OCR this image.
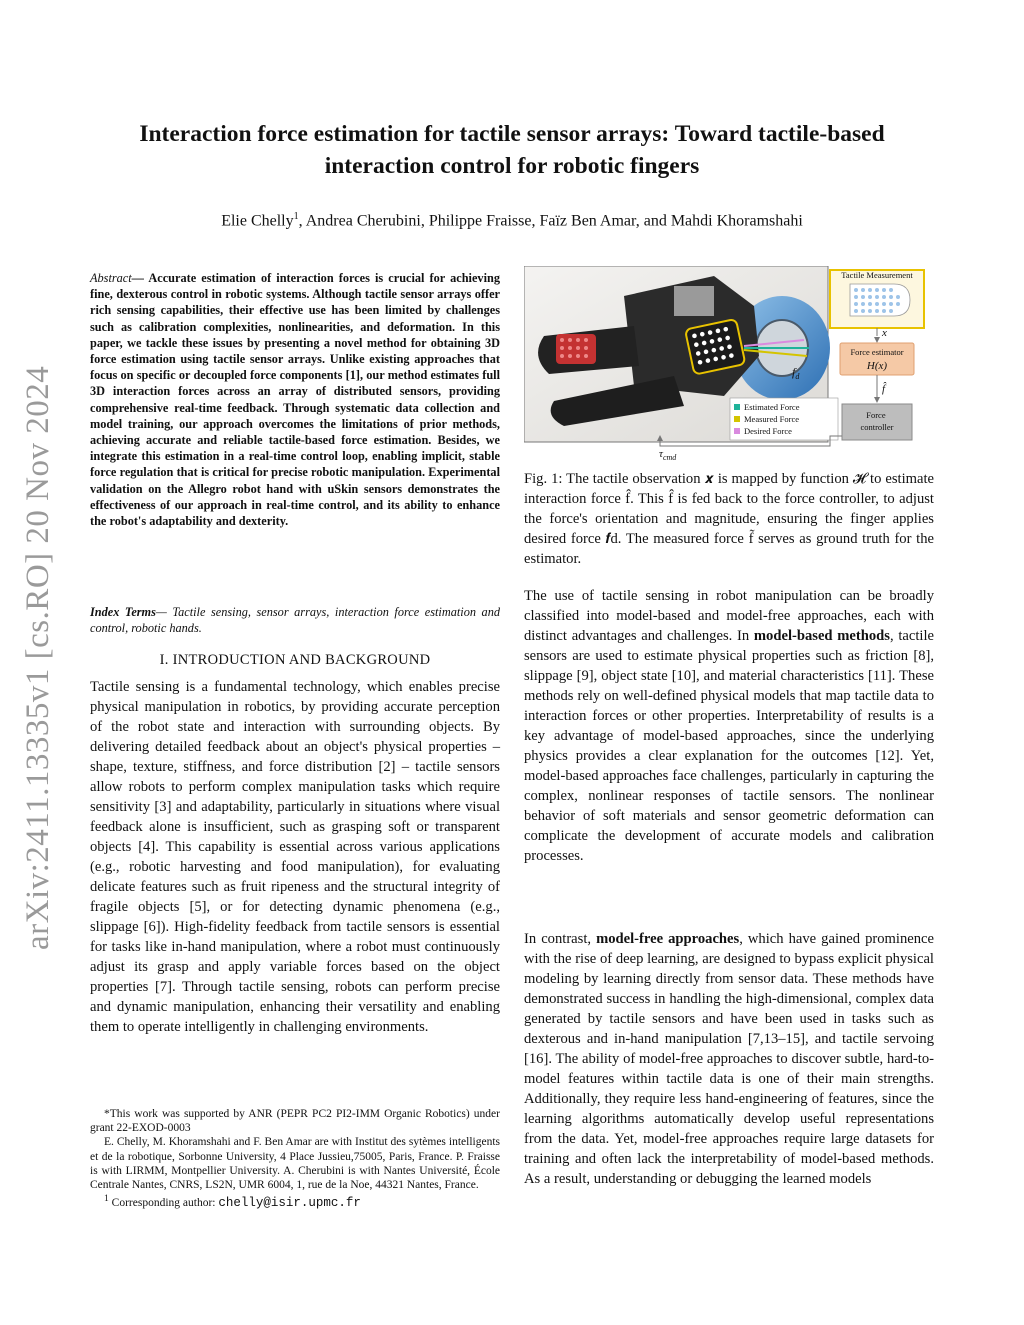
Interaction force estimation for tactile sensor arrays: Toward tactile-based interaction control for robotic fingers
Elie Chelly$^1$, Andrea Cherubini, Philippe Fraisse, Faïz Ben Amar, and Mahdi Khoramshahi
arXiv:2411.13335v1 [cs.RO] 20 Nov 2024
Abstract— Accurate estimation of interaction forces is crucial for achieving fine, dexterous control in robotic systems. Although tactile sensor arrays offer rich sensing capabilities, their effective use has been limited by challenges such as calibration complexities, nonlinearities, and deformation. In this paper, we tackle these issues by presenting a novel method for obtaining 3D force estimation using tactile sensor arrays. Unlike existing approaches that focus on specific or decoupled force components [1], our method estimates full 3D interaction forces across an array of distributed sensors, providing comprehensive real-time feedback. Through systematic data collection and model training, our approach overcomes the limitations of prior methods, achieving accurate and reliable tactile-based force estimation. Besides, we integrate this estimation in a real-time control loop, enabling implicit, stable force regulation that is critical for precise robotic manipulation. Experimental validation on the Allegro robot hand with uSkin sensors demonstrates the effectiveness of our approach in real-time control, and its ability to enhance the robot's adaptability and dexterity.
Index Terms— Tactile sensing, sensor arrays, interaction force estimation and control, robotic hands.
I. INTRODUCTION AND BACKGROUND
Tactile sensing is a fundamental technology, which enables precise physical manipulation in robotics, by providing accurate perception of the robot state and interaction with surrounding objects. By delivering detailed feedback about an object's physical properties – shape, texture, stiffness, and force distribution [2] – tactile sensors allow robots to perform complex manipulation tasks which require sensitivity [3] and adaptability, particularly in situations where visual feedback alone is insufficient, such as grasping soft or transparent objects [4]. This capability is essential across various applications (e.g., robotic harvesting and food manipulation), for evaluating delicate features such as fruit ripeness and the structural integrity of fragile objects [5], or for detecting dynamic phenomena (e.g., slippage [6]). High-fidelity feedback from tactile sensors is essential for tasks like in-hand manipulation, where a robot must continuously adjust its grasp and apply variable forces based on the object properties [7]. Through tactile sensing, robots can perform precise and dynamic manipulation, enhancing their versatility and enabling them to operate intelligently in challenging environments.

*This work was supported by ANR (PEPR PC2 PI2-IMM Organic Robotics) under grant 22-EXOD-0003

E. Chelly, M. Khoramshahi and F. Ben Amar are with Institut des sytèmes intelligents et de la robotique, Sorbonne University, 4 Place Jussieu,75005, Paris, France. P. Fraisse is with LIRMM, Montpellier University. A. Cherubini is with Nantes Université, École Centrale Nantes, CNRS, LS2N, UMR 6004, 1, rue de la Noe, 44321 Nantes, France.

$^1$ Corresponding author: chelly@isir.upmc.fr

$f_d$
Estimated Force
Measured Force
Desired Force
Tactile Measurement
x
Force estimator
H(x)
f̂
Force controller
$\tau_{cmd}$
Fig. 1: The tactile observation 𝒙 is mapped by function 𝓗 to estimate interaction force f̂. This f̂ is fed back to the force controller, to adjust the force's orientation and magnitude, ensuring the finger applies desired force 𝒇d. The measured force f̃ serves as ground truth for the estimator.
The use of tactile sensing in robot manipulation can be broadly classified into model-based and model-free approaches, each with distinct advantages and challenges. In model-based methods, tactile sensors are used to estimate physical properties such as friction [8], slippage [9], object state [10], and material characteristics [11]. These methods rely on well-defined physical models that map tactile data to interaction forces or other properties. Interpretability of results is a key advantage of model-based approaches, since the underlying physics provides a clear explanation for the outcomes [12]. Yet, model-based approaches face challenges, particularly in capturing the complex, nonlinear responses of tactile sensors. The nonlinear behavior of soft materials and sensor geometric deformation can complicate the development of accurate models and calibration processes.
In contrast, model-free approaches, which have gained prominence with the rise of deep learning, are designed to bypass explicit physical modeling by learning directly from sensor data. These methods have demonstrated success in handling the high-dimensional, complex data generated by tactile sensors and have been used in tasks such as dexterous and in-hand manipulation [7,13–15], and tactile servoing [16]. The ability of model-free approaches to discover subtle, hard-to-model features within tactile data is one of their main strengths. Additionally, they require less hand-engineering of features, since the learning algorithms automatically develop useful representations from the data. Yet, model-free approaches require large datasets for training and often lack the interpretability of model-based methods. As a result, understanding or debugging the learned models
